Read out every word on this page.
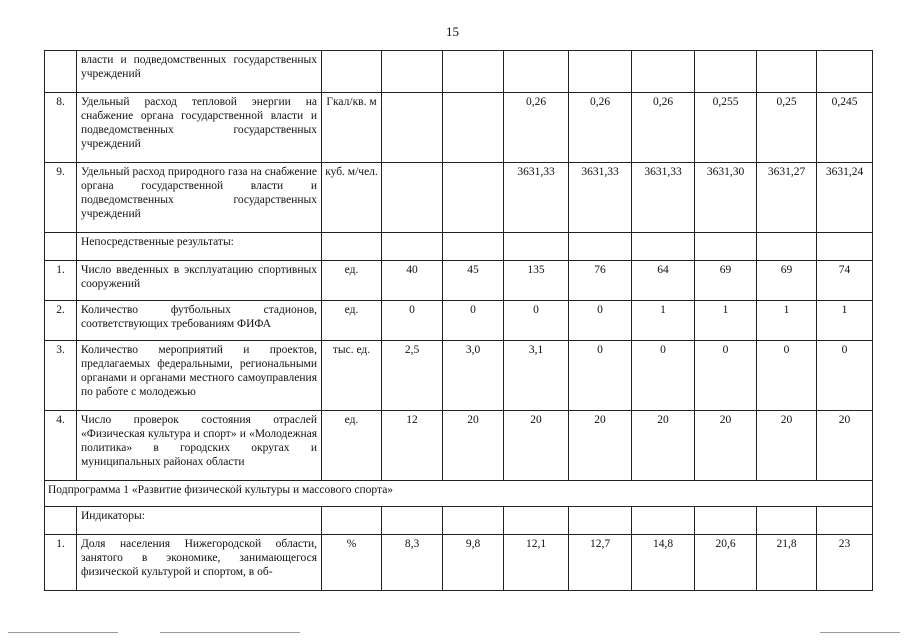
15
	власти и подведомственных государственных учреждений									
8.	Удельный расход тепловой энергии на снабжение органа государственной власти и подведомственных государственных учреждений	Гкал/кв. м			0,26	0,26	0,26	0,255	0,25	0,245
9.	Удельный расход природного газа на снабжение органа государственной власти и подведомственных государственных учреждений	куб. м/чел.			3631,33	3631,33	3631,33	3631,30	3631,27	3631,24
	Непосредственные результаты:									
1.	Число введенных в эксплуатацию спортивных сооружений	ед.	40	45	135	76	64	69	69	74
2.	Количество футбольных стадионов, соответствующих требованиям ФИФА	ед.	0	0	0	0	1	1	1	1
3.	Количество мероприятий и проектов, предлагаемых федеральными, региональными органами и органами местного самоуправления по работе с молодежью	тыс. ед.	2,5	3,0	3,1	0	0	0	0	0
4.	Число проверок состояния отраслей «Физическая культура и спорт» и «Молодежная политика» в городских округах и муниципальных районах области	ед.	12	20	20	20	20	20	20	20
Подпрограмма 1 «Развитие физической культуры и массового спорта»										
	Индикаторы:									
1.	Доля населения Нижегородской области, занятого в экономике, занимающегося физической культурой и спортом, в об-	%	8,3	9,8	12,1	12,7	14,8	20,6	21,8	23
